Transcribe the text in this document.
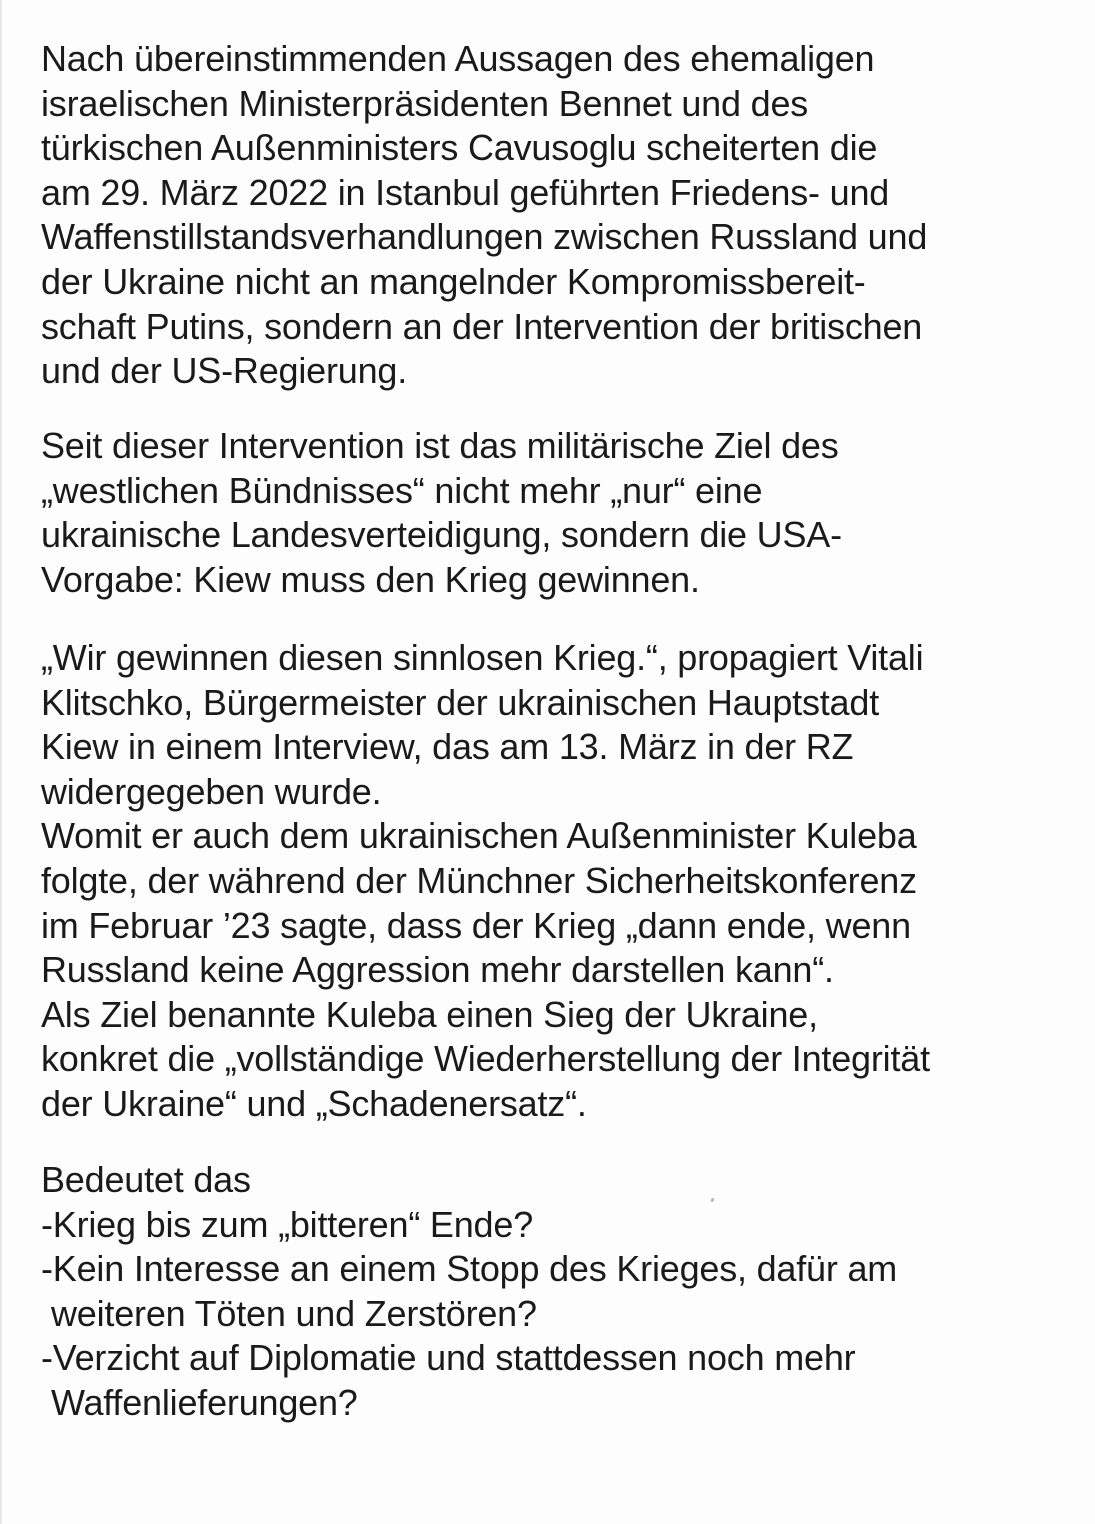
Nach übereinstimmenden Aussagen des ehemaligen
israelischen Ministerpräsidenten Bennet und des
türkischen Außenministers Cavusoglu scheiterten die
am 29. März 2022 in Istanbul geführten Friedens- und
Waffenstillstandsverhandlungen zwischen Russland und
der Ukraine nicht an mangelnder Kompromissbereit-
schaft Putins, sondern an der Intervention der britischen
und der US-Regierung.
Seit dieser Intervention ist das militärische Ziel des
„westlichen Bündnisses“ nicht mehr „nur“ eine
ukrainische Landesverteidigung, sondern die USA-
Vorgabe: Kiew muss den Krieg gewinnen.
„Wir gewinnen diesen sinnlosen Krieg.“, propagiert Vitali
Klitschko, Bürgermeister der ukrainischen Hauptstadt
Kiew in einem Interview, das am 13. März in der RZ
widergegeben wurde.
Womit er auch dem ukrainischen Außenminister Kuleba
folgte, der während der Münchner Sicherheitskonferenz
im Februar ’23 sagte, dass der Krieg „dann ende, wenn
Russland keine Aggression mehr darstellen kann“.
Als Ziel benannte Kuleba einen Sieg der Ukraine,
konkret die „vollständige Wiederherstellung der Integrität
der Ukraine“ und „Schadenersatz“.
Bedeutet das
-Krieg bis zum „bitteren“ Ende?
-Kein Interesse an einem Stopp des Krieges, dafür am
weiteren Töten und Zerstören?
-Verzicht auf Diplomatie und stattdessen noch mehr
Waffenlieferungen?
